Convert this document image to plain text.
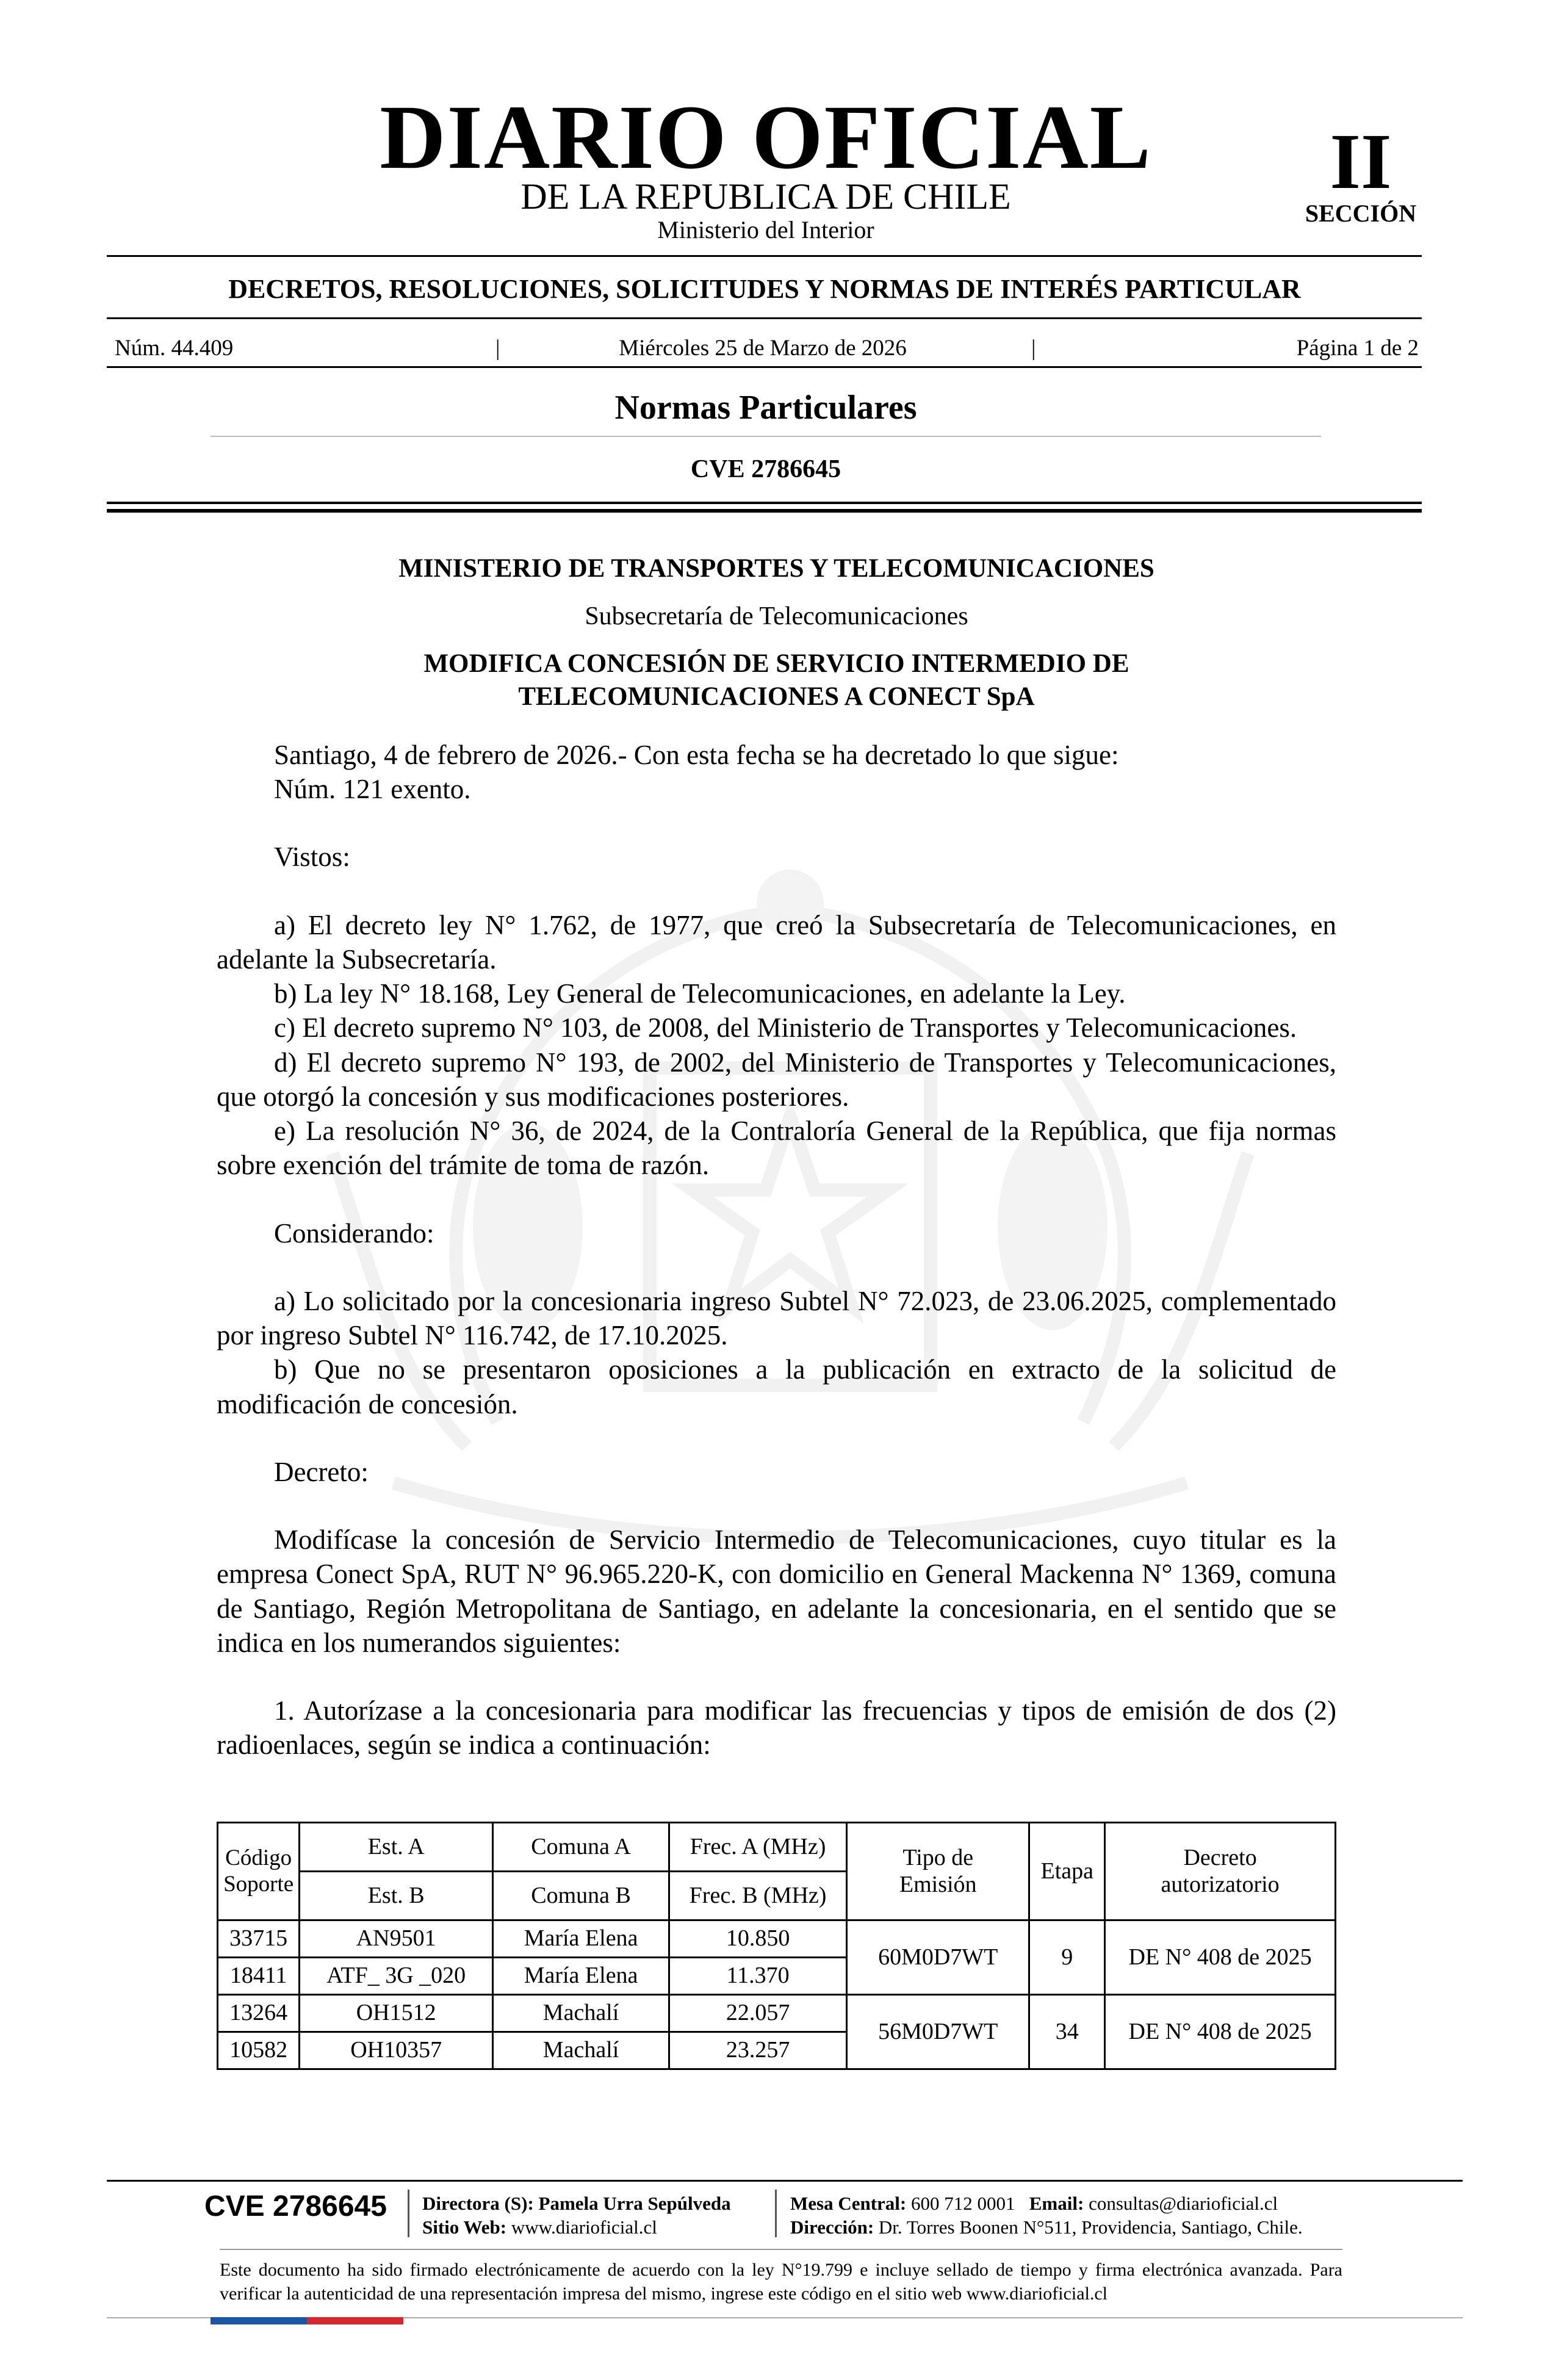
DIARIO OFICIAL
DE LA REPUBLICA DE CHILE
Ministerio del Interior
II
SECCIÓN
DECRETOS, RESOLUCIONES, SOLICITUDES Y NORMAS DE INTERÉS PARTICULAR
Núm. 44.409	|	Miércoles 25 de Marzo de 2026	|	Página 1 de 2
Normas Particulares
CVE 2786645

MINISTERIO DE TRANSPORTES Y TELECOMUNICACIONES

Subsecretaría de Telecomunicaciones

MODIFICA CONCESIÓN DE SERVICIO INTERMEDIO DE

TELECOMUNICACIONES A CONECT SpA

Santiago, 4 de febrero de 2026.- Con esta fecha se ha decretado lo que sigue:

Núm. 121 exento.

Vistos:

a) El decreto ley N° 1.762, de 1977, que creó la Subsecretaría de Telecomunicaciones, en adelante la Subsecretaría.

b) La ley N° 18.168, Ley General de Telecomunicaciones, en adelante la Ley.

c) El decreto supremo N° 103, de 2008, del Ministerio de Transportes y Telecomunicaciones.

d) El decreto supremo N° 193, de 2002, del Ministerio de Transportes y Telecomunicaciones, que otorgó la concesión y sus modificaciones posteriores.

e) La resolución N° 36, de 2024, de la Contraloría General de la República, que fija normas sobre exención del trámite de toma de razón.

Considerando:

a) Lo solicitado por la concesionaria ingreso Subtel N° 72.023, de 23.06.2025, complementado por ingreso Subtel N° 116.742, de 17.10.2025.

b) Que no se presentaron oposiciones a la publicación en extracto de la solicitud de modificación de concesión.

Decreto:

Modifícase la concesión de Servicio Intermedio de Telecomunicaciones, cuyo titular es la empresa Conect SpA, RUT N° 96.965.220-K, con domicilio en General Mackenna N° 1369, comuna de Santiago, Región Metropolitana de Santiago, en adelante la concesionaria, en el sentido que se indica en los numerandos siguientes:

1. Autorízase a la concesionaria para modificar las frecuencias y tipos de emisión de dos (2) radioenlaces, según se indica a continuación:

Código Soporte	Est. A	Comuna A	Frec. A (MHz)	Tipo de Emisión	Etapa	Decreto autorizatorio
	Est. B	Comuna B	Frec. B (MHz)			
33715	AN9501	María Elena	10.850	60M0D7WT	9	DE N° 408 de 2025
18411	ATF_ 3G _020	María Elena	11.370			
13264	OH1512	Machalí	22.057	56M0D7WT	34	DE N° 408 de 2025
10582	OH10357	Machalí	23.257			
CVE 2786645 Directora (S): Pamela Urra Sepúlveda
Sitio Web: www.diarioficial.cl
Mesa Central: 600 712 0001 Email: consultas@diarioficial.cl
Dirección: Dr. Torres Boonen N°511, Providencia, Santiago, Chile.
Este documento ha sido firmado electrónicamente de acuerdo con la ley N°19.799 e incluye sellado de tiempo y firma electrónica avanzada. Para verificar la autenticidad de una representación impresa del mismo, ingrese este código en el sitio web www.diarioficial.cl
